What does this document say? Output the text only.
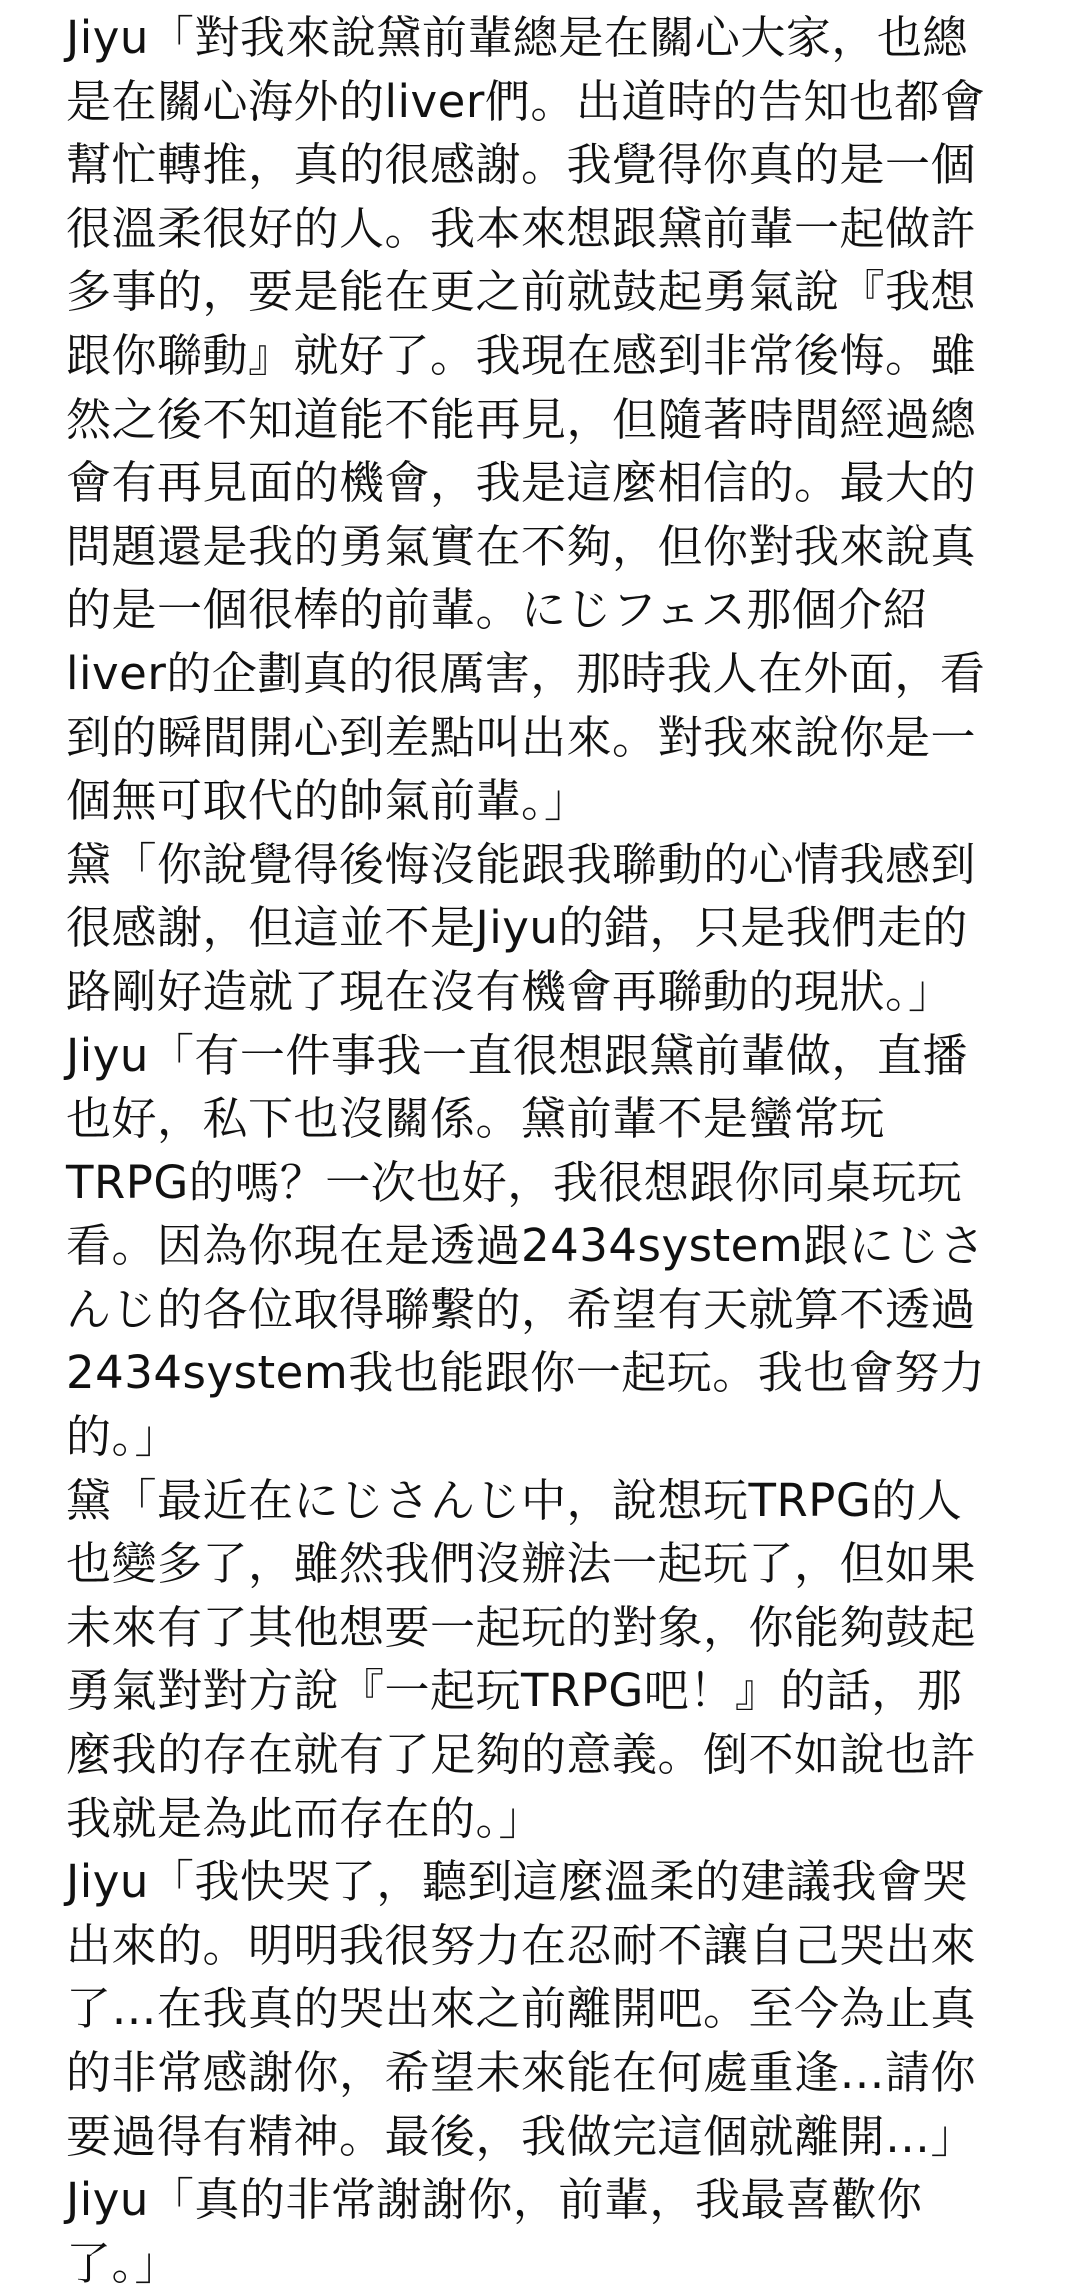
Jiyu「對我來說黛前輩總是在關心大家，也總
是在關心海外的liver們。出道時的告知也都會
幫忙轉推，真的很感謝。我覺得你真的是一個
很溫柔很好的人。我本來想跟黛前輩一起做許
多事的，要是能在更之前就鼓起勇氣說『我想
跟你聯動』就好了。我現在感到非常後悔。雖
然之後不知道能不能再見，但隨著時間經過總
會有再見面的機會，我是這麼相信的。最大的
問題還是我的勇氣實在不夠，但你對我來說真
的是一個很棒的前輩。にじフェス那個介紹
liver的企劃真的很厲害，那時我人在外面，看
到的瞬間開心到差點叫出來。對我來說你是一
個無可取代的帥氣前輩。」
黛「你說覺得後悔沒能跟我聯動的心情我感到
很感謝，但這並不是Jiyu的錯，只是我們走的
路剛好造就了現在沒有機會再聯動的現狀。」
Jiyu「有一件事我一直很想跟黛前輩做，直播
也好，私下也沒關係。黛前輩不是蠻常玩
TRPG的嗎？一次也好，我很想跟你同桌玩玩
看。因為你現在是透過2434system跟にじさ
んじ的各位取得聯繫的，希望有天就算不透過
2434system我也能跟你一起玩。我也會努力
的。」
黛「最近在にじさんじ中，說想玩TRPG的人
也變多了，雖然我們沒辦法一起玩了，但如果
未來有了其他想要一起玩的對象，你能夠鼓起
勇氣對對方說『一起玩TRPG吧！』的話，那
麼我的存在就有了足夠的意義。倒不如說也許
我就是為此而存在的。」
Jiyu「我快哭了，聽到這麼溫柔的建議我會哭
出來的。明明我很努力在忍耐不讓自己哭出來
了…在我真的哭出來之前離開吧。至今為止真
的非常感謝你，希望未來能在何處重逢…請你
要過得有精神。最後，我做完這個就離開…」
Jiyu「真的非常謝謝你，前輩，我最喜歡你
了。」
